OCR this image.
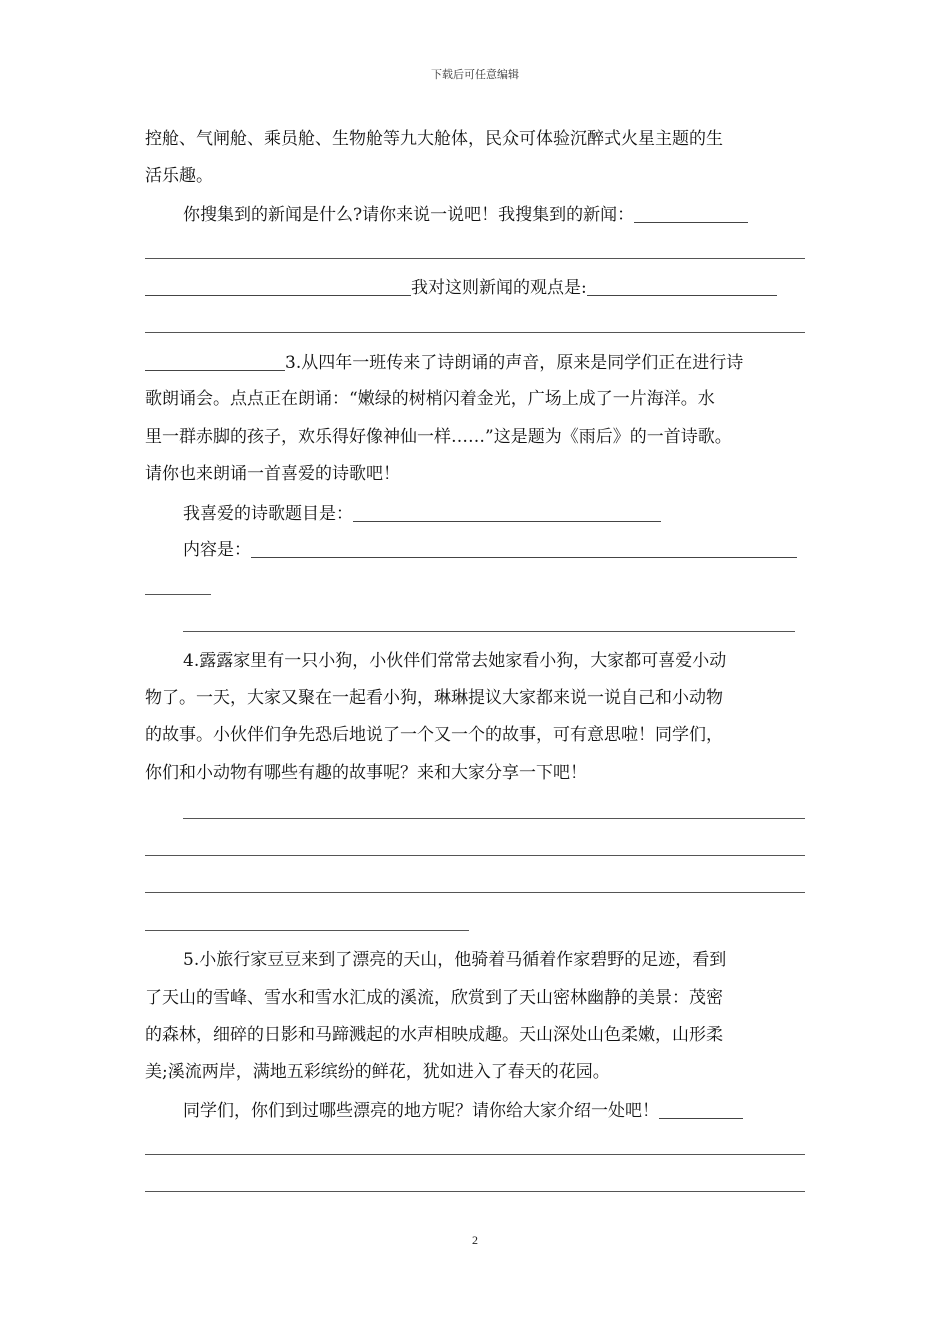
下载后可任意编辑
控舱、气闸舱、乘员舱、生物舱等九大舱体，民众可体验沉醉式火星主题的生
活乐趣。
你搜集到的新闻是什么?请你来说一说吧！我搜集到的新闻：
我对这则新闻的观点是:
3.从四年一班传来了诗朗诵的声音，原来是同学们正在进行诗
歌朗诵会。点点正在朗诵：“嫩绿的树梢闪着金光，广场上成了一片海洋。水
里一群赤脚的孩子，欢乐得好像神仙一样……”这是题为《雨后》的一首诗歌。
请你也来朗诵一首喜爱的诗歌吧！
我喜爱的诗歌题目是：
内容是：
4.露露家里有一只小狗，小伙伴们常常去她家看小狗，大家都可喜爱小动
物了。一天，大家又聚在一起看小狗，琳琳提议大家都来说一说自己和小动物
的故事。小伙伴们争先恐后地说了一个又一个的故事，可有意思啦！同学们，
你们和小动物有哪些有趣的故事呢？来和大家分享一下吧！
5.小旅行家豆豆来到了漂亮的天山，他骑着马循着作家碧野的足迹，看到
了天山的雪峰、雪水和雪水汇成的溪流，欣赏到了天山密林幽静的美景：茂密
的森林，细碎的日影和马蹄溅起的水声相映成趣。天山深处山色柔嫩，山形柔
美;溪流两岸，满地五彩缤纷的鲜花，犹如进入了春天的花园。
同学们，你们到过哪些漂亮的地方呢？请你给大家介绍一处吧！
2
